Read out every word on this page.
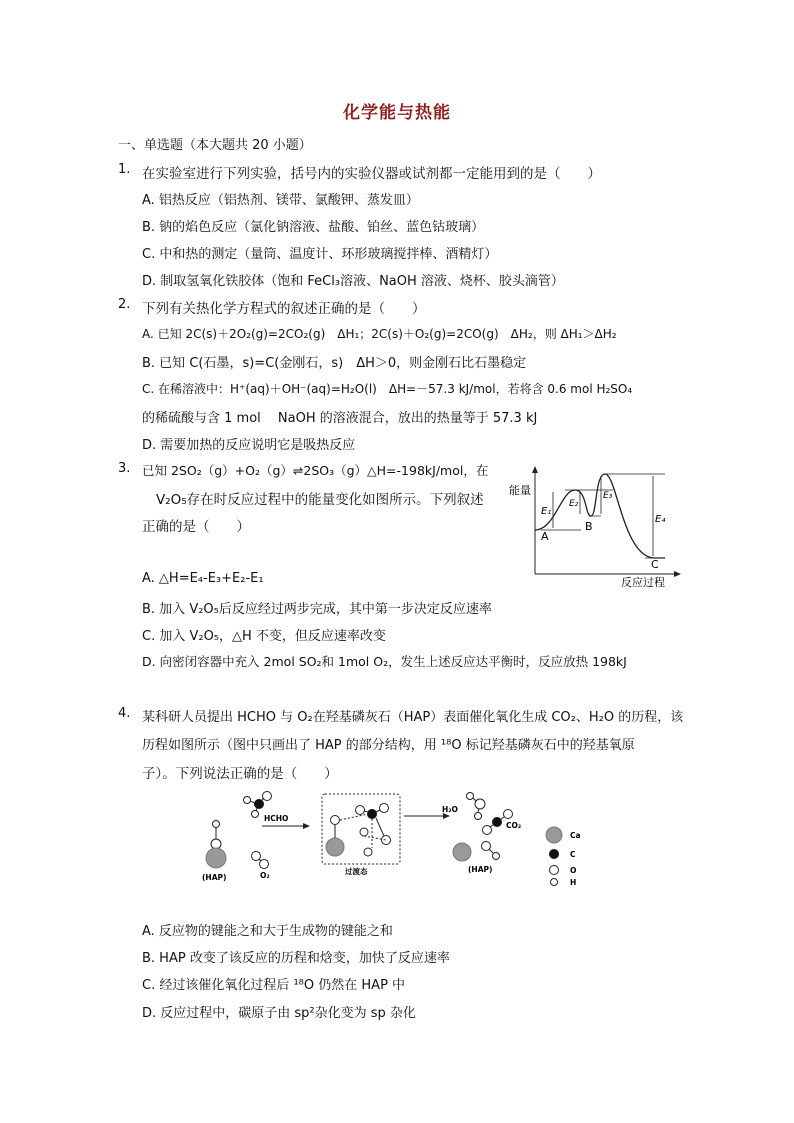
化学能与热能
一、单选题（本大题共 20 小题）
1. 在实验室进行下列实验，括号内的实验仪器或试剂都一定能用到的是（　　）
A. 铝热反应（铝热剂、镁带、氯酸钾、蒸发皿）
B. 钠的焰色反应（氯化钠溶液、盐酸、铂丝、蓝色钴玻璃）
C. 中和热的测定（量筒、温度计、环形玻璃搅拌棒、酒精灯）
D. 制取氢氧化铁胶体（饱和 FeCl₃溶液、NaOH 溶液、烧杯、胶头滴管）
2. 下列有关热化学方程式的叙述正确的是（　　）
A. 已知 2C(s)＋2O₂(g)=2CO₂(g)　ΔH₁；2C(s)＋O₂(g)=2CO(g)　ΔH₂，则 ΔH₁＞ΔH₂
B. 已知 C(石墨，s)=C(金刚石，s)　ΔH＞0，则金刚石比石墨稳定
C. 在稀溶液中：H⁺(aq)＋OH⁻(aq)=H₂O(l)　ΔH=－57.3 kJ/mol，若将含 0.6 mol H₂SO₄
的稀硫酸与含 1 mol　 NaOH 的溶液混合，放出的热量等于 57.3 kJ
D. 需要加热的反应说明它是吸热反应
3. 已知 2SO₂（g）+O₂（g）⇌2SO₃（g）△H=-198kJ/mol，在
V₂O₅存在时反应过程中的能量变化如图所示。下列叙述
正确的是（　　）
能量
反应过程
A
B
C
E₁
E₂
E₃
E₄
A. △H=E₄-E₃+E₂-E₁
B. 加入 V₂O₅后反应经过两步完成，其中第一步决定反应速率
C. 加入 V₂O₅，△H 不变，但反应速率改变
D. 向密闭容器中充入 2mol SO₂和 1mol O₂，发生上述反应达平衡时，反应放热 198kJ
4. 某科研人员提出 HCHO 与 O₂在羟基磷灰石（HAP）表面催化氧化生成 CO₂、H₂O 的历程，该
历程如图所示（图中只画出了 HAP 的部分结构，用 ¹⁸O 标记羟基磷灰石中的羟基氧原
子）。下列说法正确的是（　　）
(HAP)	O₂
HCHO
过渡态
H₂O
CO₂
(HAP)
Ca
C
O
H
A. 反应物的键能之和大于生成物的键能之和
B. HAP 改变了该反应的历程和焓变，加快了反应速率
C. 经过该催化氧化过程后 ¹⁸O 仍然在 HAP 中
D. 反应过程中，碳原子由 sp²杂化变为 sp 杂化
